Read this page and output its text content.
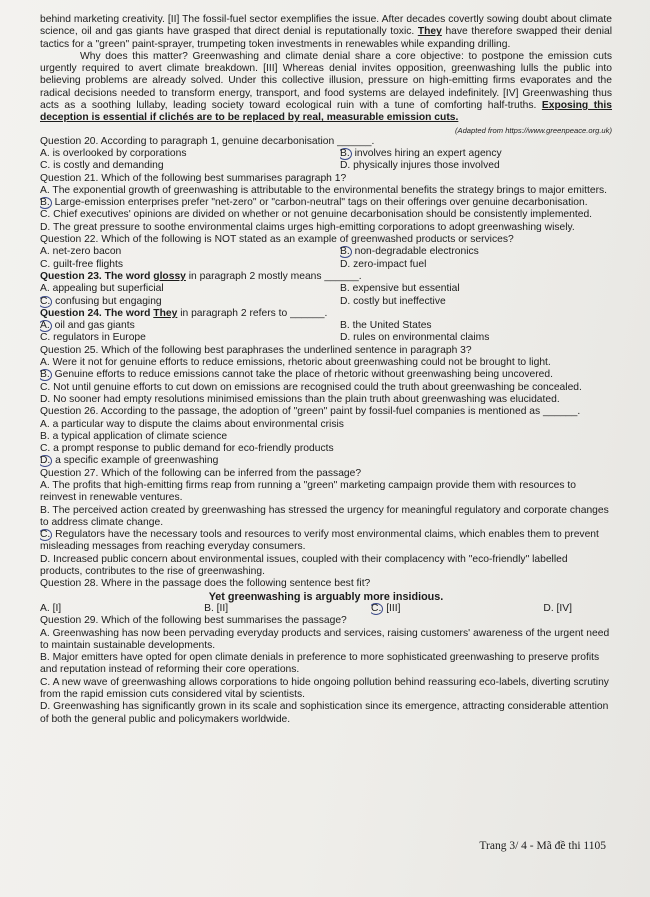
behind marketing creativity. [II] The fossil-fuel sector exemplifies the issue. After decades covertly sowing doubt about climate science, oil and gas giants have grasped that direct denial is reputationally toxic. They have therefore swapped their denial tactics for a "green" paint-sprayer, trumpeting token investments in renewables while expanding drilling.

Why does this matter? Greenwashing and climate denial share a core objective: to postpone the emission cuts urgently required to avert climate breakdown. [III] Whereas denial invites opposition, greenwashing lulls the public into believing problems are already solved. Under this collective illusion, pressure on high-emitting firms evaporates and the radical decisions needed to transform energy, transport, and food systems are delayed indefinitely. [IV] Greenwashing thus acts as a soothing lullaby, leading society toward ecological ruin with a tune of comforting half-truths. Exposing this deception is essential if clichés are to be replaced by real, measurable emission cuts.

(Adapted from https://www.greenpeace.org.uk)

Question 20. According to paragraph 1, genuine decarbonisation ______.

A. is overlooked by corporations	B. involves hiring an expert agency
C. is costly and demanding	D. physically injures those involved

Question 21. Which of the following best summarises paragraph 1?

A. The exponential growth of greenwashing is attributable to the environmental benefits the strategy brings to major emitters.
B. Large-emission enterprises prefer "net-zero" or "carbon-neutral" tags on their offerings over genuine decarbonisation.
C. Chief executives' opinions are divided on whether or not genuine decarbonisation should be consistently implemented.
D. The great pressure to soothe environmental claims urges high-emitting corporations to adopt greenwashing wisely.

Question 22. Which of the following is NOT stated as an example of greenwashed products or services?

A. net-zero bacon	B. non-degradable electronics
C. guilt-free flights	D. zero-impact fuel

Question 23. The word glossy in paragraph 2 mostly means ______.

A. appealing but superficial	B. expensive but essential
C. confusing but engaging	D. costly but ineffective

Question 24. The word They in paragraph 2 refers to ______.

A. oil and gas giants	B. the United States
C. regulators in Europe	D. rules on environmental claims

Question 25. Which of the following best paraphrases the underlined sentence in paragraph 3?

A. Were it not for genuine efforts to reduce emissions, rhetoric about greenwashing could not be brought to light.
B. Genuine efforts to reduce emissions cannot take the place of rhetoric without greenwashing being uncovered.
C. Not until genuine efforts to cut down on emissions are recognised could the truth about greenwashing be concealed.
D. No sooner had empty resolutions minimised emissions than the plain truth about greenwashing was elucidated.

Question 26. According to the passage, the adoption of "green" paint by fossil-fuel companies is mentioned as ______.

A. a particular way to dispute the claims about environmental crisis
B. a typical application of climate science
C. a prompt response to public demand for eco-friendly products
D. a specific example of greenwashing

Question 27. Which of the following can be inferred from the passage?

A. The profits that high-emitting firms reap from running a "green" marketing campaign provide them with resources to reinvest in renewable ventures.
B. The perceived action created by greenwashing has stressed the urgency for meaningful regulatory and corporate changes to address climate change.
C. Regulators have the necessary tools and resources to verify most environmental claims, which enables them to prevent misleading messages from reaching everyday consumers.
D. Increased public concern about environmental issues, coupled with their complacency with "eco-friendly" labelled products, contributes to the rise of greenwashing.

Question 28. Where in the passage does the following sentence best fit?

Yet greenwashing is arguably more insidious.

A. [I]	B. [II]	C. [III]	D. [IV]

Question 29. Which of the following best summarises the passage?

A. Greenwashing has now been pervading everyday products and services, raising customers' awareness of the urgent need to maintain sustainable developments.
B. Major emitters have opted for open climate denials in preference to more sophisticated greenwashing to preserve profits and reputation instead of reforming their core operations.
C. A new wave of greenwashing allows corporations to hide ongoing pollution behind reassuring eco-labels, diverting scrutiny from the rapid emission cuts considered vital by scientists.
D. Greenwashing has significantly grown in its scale and sophistication since its emergence, attracting considerable attention of both the general public and policymakers worldwide.
Trang 3/ 4 - Mã đề thi 1105
